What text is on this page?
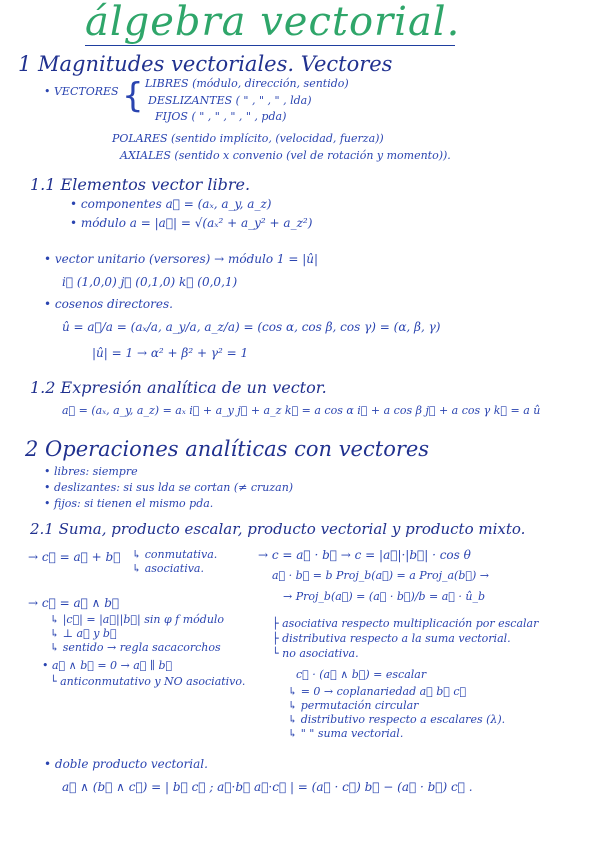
álgebra vectorial.
1 Magnitudes vectoriales. Vectores
• VECTORES { LIBRES (módulo, dirección, sentido)
DESLIZANTES ( " , " , " , lda)
FIJOS ( " , " , " , " , pda)
POLARES (sentido implícito, (velocidad, fuerza))
AXIALES (sentido x convenio (vel de rotación y momento)).
1.1 Elementos vector libre.
• componentes a⃗ = (aₓ, a_y, a_z)
• módulo a = |a⃗| = √(aₓ² + a_y² + a_z²)
• vector unitario (versores) → módulo 1 = |û|
i⃗ (1,0,0) j⃗ (0,1,0) k⃗ (0,0,1)
• cosenos directores.
û = a⃗/a = (aₓ/a, a_y/a, a_z/a) = (cos α, cos β, cos γ) = (α, β, γ)
|û| = 1 → α² + β² + γ² = 1
1.2 Expresión analítica de un vector.
a⃗ = (aₓ, a_y, a_z) = aₓ i⃗ + a_y j⃗ + a_z k⃗ = a cos α i⃗ + a cos β j⃗ + a cos γ k⃗ = a û
2 Operaciones analíticas con vectores
• libres: siempre
• deslizantes: si sus lda se cortan (≠ cruzan)
• fijos: si tienen el mismo pda.
2.1 Suma, producto escalar, producto vectorial y producto mixto.
→ c⃗ = a⃗ + b⃗ ↳ conmutativa.
↳ asociativa.
→ c = a⃗ · b⃗ → c = |a⃗|·|b⃗| · cos θ
a⃗ · b⃗ = b Proj_b(a⃗) = a Proj_a(b⃗) →
→ Proj_b(a⃗) = (a⃗ · b⃗)/b = a⃗ · û_b
→ c⃗ = a⃗ ∧ b⃗
↳ |c⃗| = |a⃗||b⃗| sin φ f módulo
↳ ⊥ a⃗ y b⃗
↳ sentido → regla sacacorchos
• a⃗ ∧ b⃗ = 0 → a⃗ ∥ b⃗
└ anticonmutativo y NO asociativo.
├ asociativa respecto multiplicación por escalar
├ distributiva respecto a la suma vectorial.
└ no asociativa.
c⃗ · (a⃗ ∧ b⃗) = escalar
↳ = 0 → coplanariedad a⃗ b⃗ c⃗
↳ permutación circular
↳ distributivo respecto a escalares (λ).
↳ " " suma vectorial.
• doble producto vectorial.
a⃗ ∧ (b⃗ ∧ c⃗) = | b⃗ c⃗ ; a⃗·b⃗ a⃗·c⃗ | = (a⃗ · c⃗) b⃗ − (a⃗ · b⃗) c⃗ .
